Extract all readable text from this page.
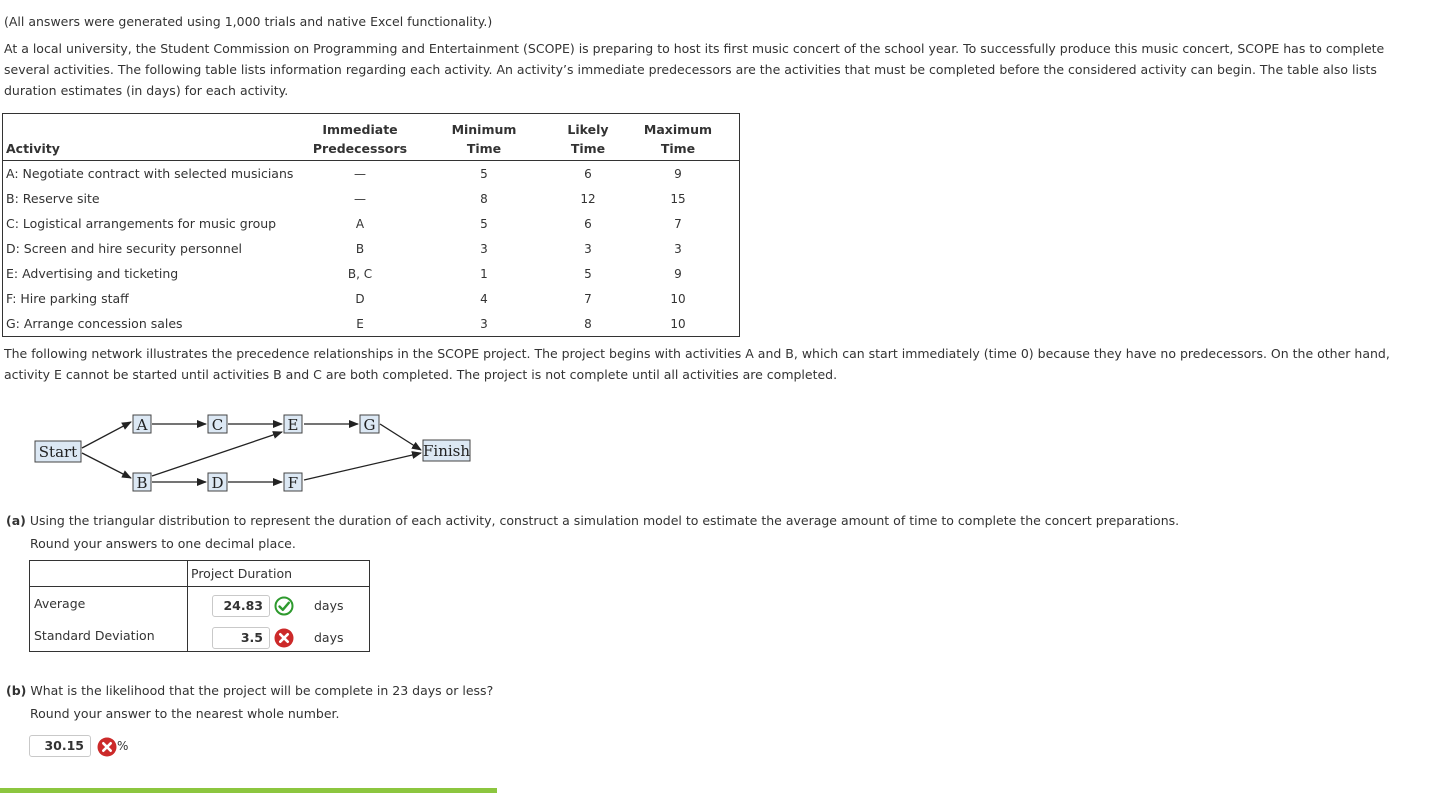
(All answers were generated using 1,000 trials and native Excel functionality.)

At a local university, the Student Commission on Programming and Entertainment (SCOPE) is preparing to host its first music concert of the school year. To successfully produce this music concert, SCOPE has to complete several activities. The following table lists information regarding each activity. An activity’s immediate predecessors are the activities that must be completed before the considered activity can begin. The table also lists duration estimates (in days) for each activity.

	Immediate	Minimum	Likely	Maximum
Activity	Predecessors	Time	Time	Time
A: Negotiate contract with selected musicians	—	5	6	9
B: Reserve site	—	8	12	15
C: Logistical arrangements for music group	A	5	6	7
D: Screen and hire security personnel	B	3	3	3
E: Advertising and ticketing	B, C	1	5	9
F: Hire parking staff	D	4	7	10
G: Arrange concession sales	E	3	8	10

The following network illustrates the precedence relationships in the SCOPE project. The project begins with activities A and B, which can start immediately (time 0) because they have no predecessors. On the other hand, activity E cannot be started until activities B and C are both completed. The project is not complete until all activities are completed.

Start
A	C	E	G
B	D	F
Finish
(a) Using the triangular distribution to represent the duration of each activity, construct a simulation model to estimate the average amount of time to complete the concert preparations.
Round your answers to one decimal place.
	Project Duration
Average	24.83 days
Standard Deviation	3.5 days
(b) What is the likelihood that the project will be complete in 23 days or less?
Round your answer to the nearest whole number.
30.15	%
